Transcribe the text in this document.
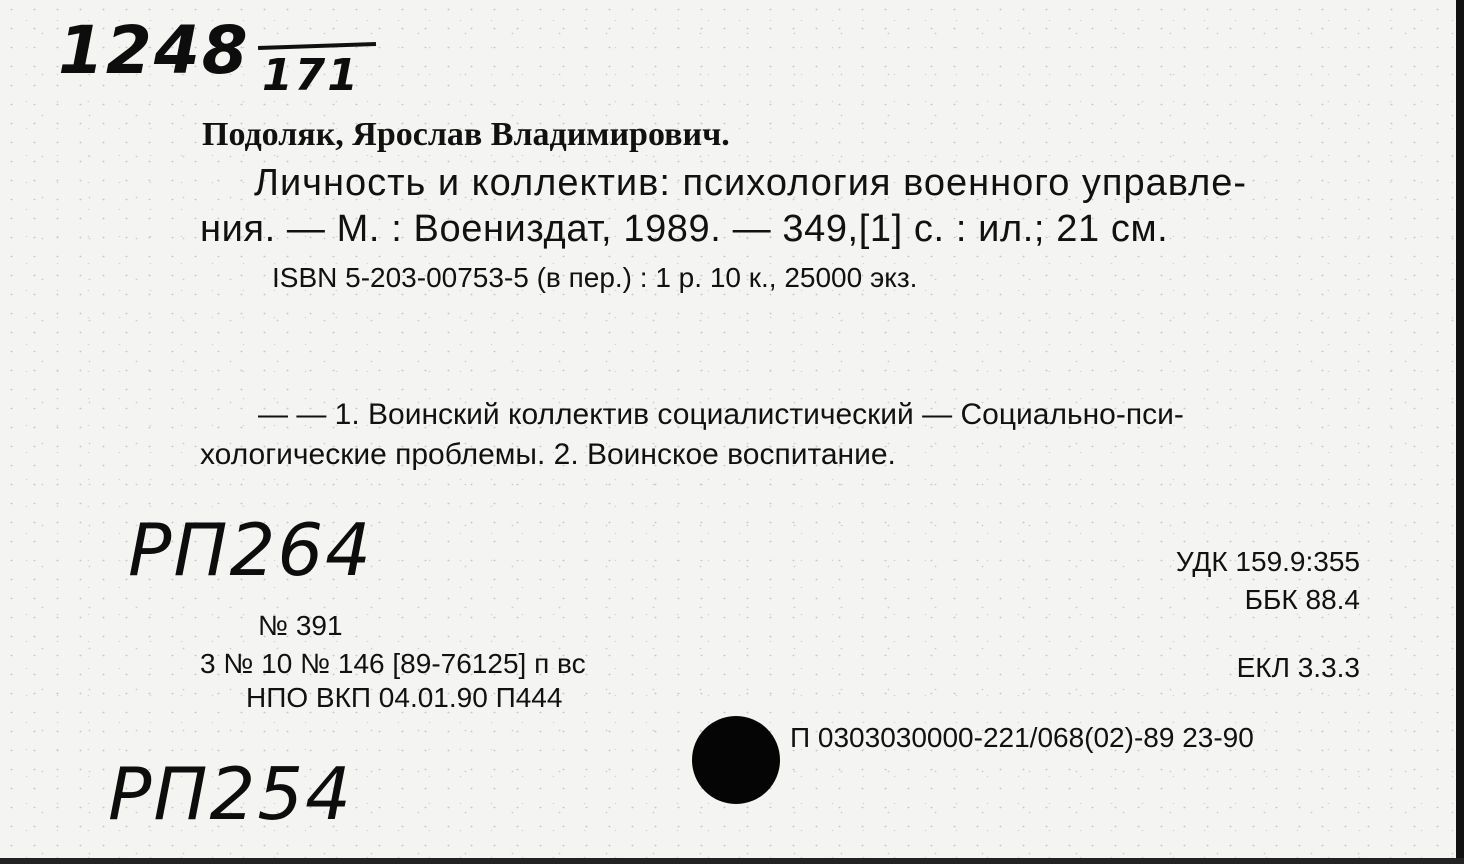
1248 171
Подоляк, Ярослав Владимирович.
Личность и коллектив: психология военного управле-
ния. — М. : Воениздат, 1989. — 349,[1] с. : ил.; 21 см.
ISBN 5-203-00753-5 (в пер.) : 1 р. 10 к., 25000 экз.
— — 1. Воинский коллектив социалистический — Социально-пси-
хологические проблемы. 2. Воинское воспитание.
РП264	УДК 159.9:355
ББК 88.4
ЕКЛ 3.3.3
№ 391
3 № 10 № 146 [89-76125] п вс
НПО ВКП 04.01.90 П444
П 0303030000-221/068(02)-89 23-90
РП254
